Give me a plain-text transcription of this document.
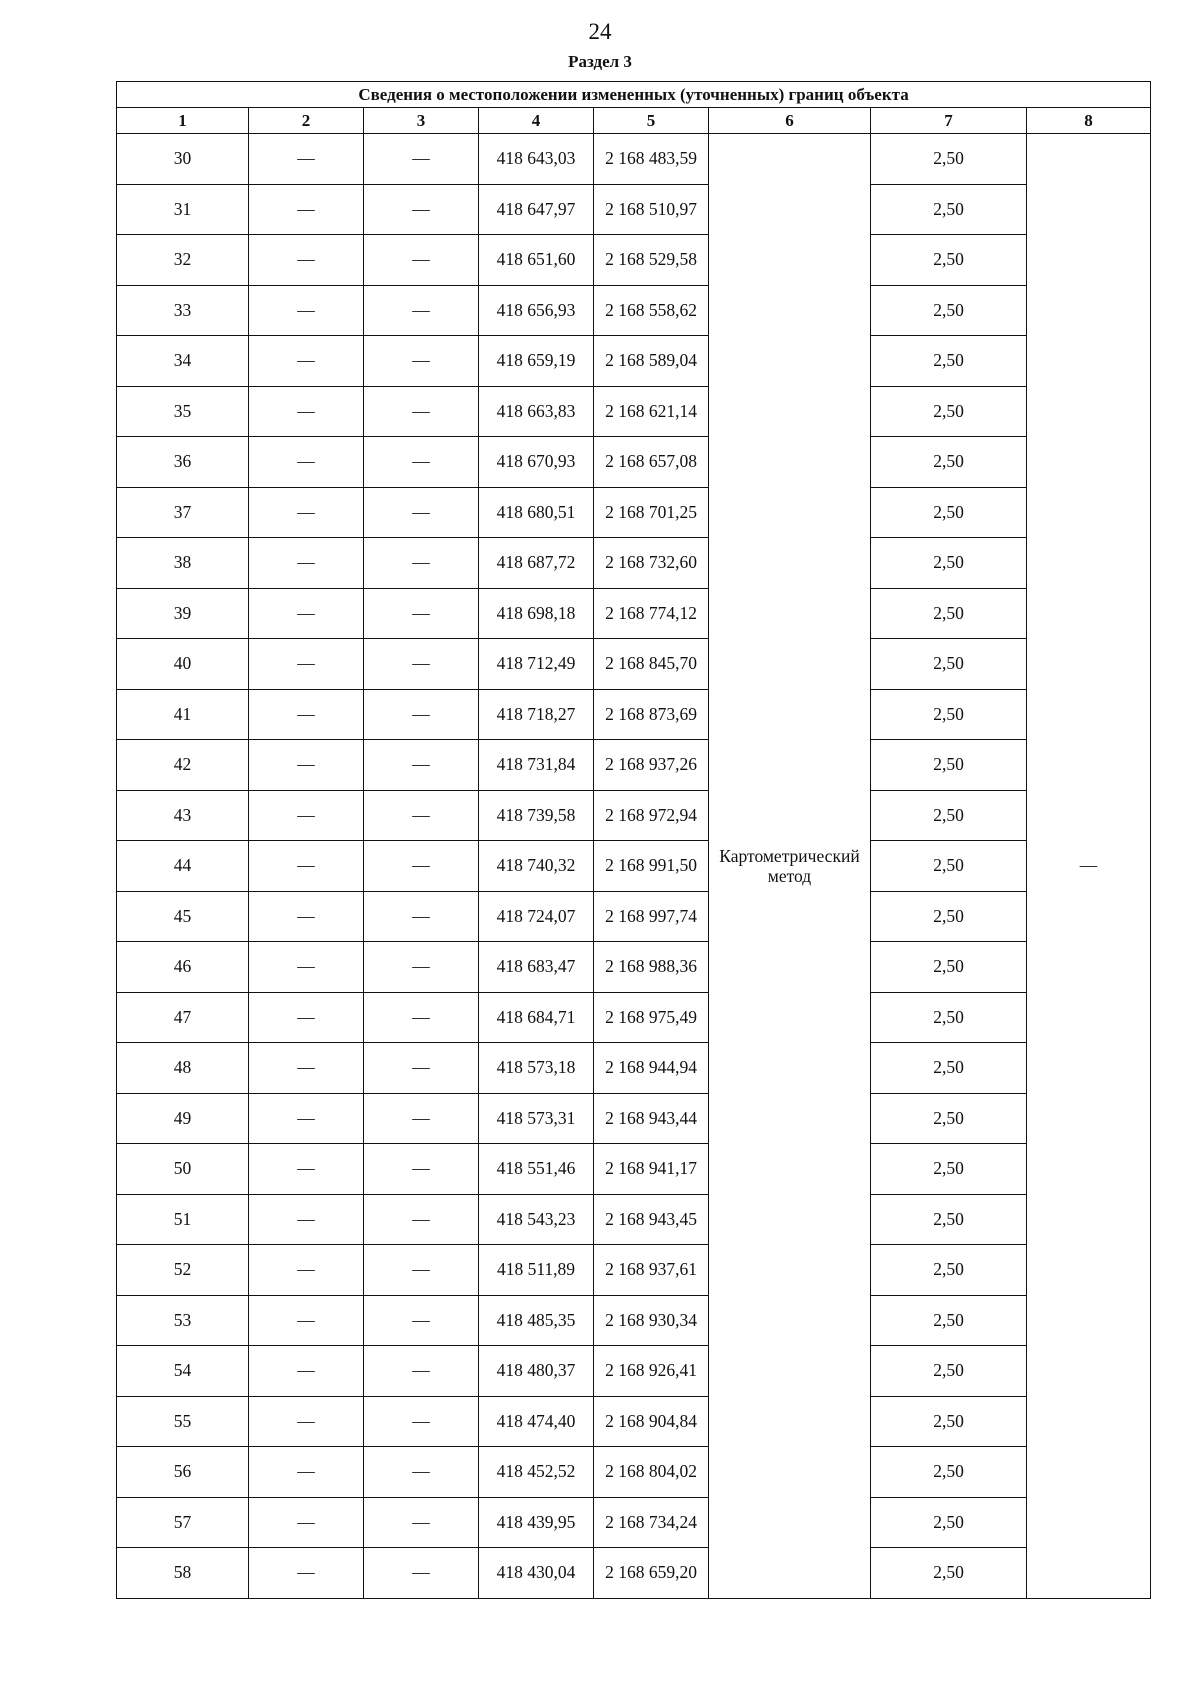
24
Раздел 3
Сведения о местоположении измененных (уточненных) границ объекта							
1	2	3	4	5	6	7	8
30	—	—	418 643,03	2 168 483,59	Картометрический метод	2,50	—
31	—	—	418 647,97	2 168 510,97		2,50	
32	—	—	418 651,60	2 168 529,58		2,50	
33	—	—	418 656,93	2 168 558,62		2,50	
34	—	—	418 659,19	2 168 589,04		2,50	
35	—	—	418 663,83	2 168 621,14		2,50	
36	—	—	418 670,93	2 168 657,08		2,50	
37	—	—	418 680,51	2 168 701,25		2,50	
38	—	—	418 687,72	2 168 732,60		2,50	
39	—	—	418 698,18	2 168 774,12		2,50	
40	—	—	418 712,49	2 168 845,70		2,50	
41	—	—	418 718,27	2 168 873,69		2,50	
42	—	—	418 731,84	2 168 937,26		2,50	
43	—	—	418 739,58	2 168 972,94		2,50	
44	—	—	418 740,32	2 168 991,50		2,50	
45	—	—	418 724,07	2 168 997,74		2,50	
46	—	—	418 683,47	2 168 988,36		2,50	
47	—	—	418 684,71	2 168 975,49		2,50	
48	—	—	418 573,18	2 168 944,94		2,50	
49	—	—	418 573,31	2 168 943,44		2,50	
50	—	—	418 551,46	2 168 941,17		2,50	
51	—	—	418 543,23	2 168 943,45		2,50	
52	—	—	418 511,89	2 168 937,61		2,50	
53	—	—	418 485,35	2 168 930,34		2,50	
54	—	—	418 480,37	2 168 926,41		2,50	
55	—	—	418 474,40	2 168 904,84		2,50	
56	—	—	418 452,52	2 168 804,02		2,50	
57	—	—	418 439,95	2 168 734,24		2,50	
58	—	—	418 430,04	2 168 659,20		2,50	
